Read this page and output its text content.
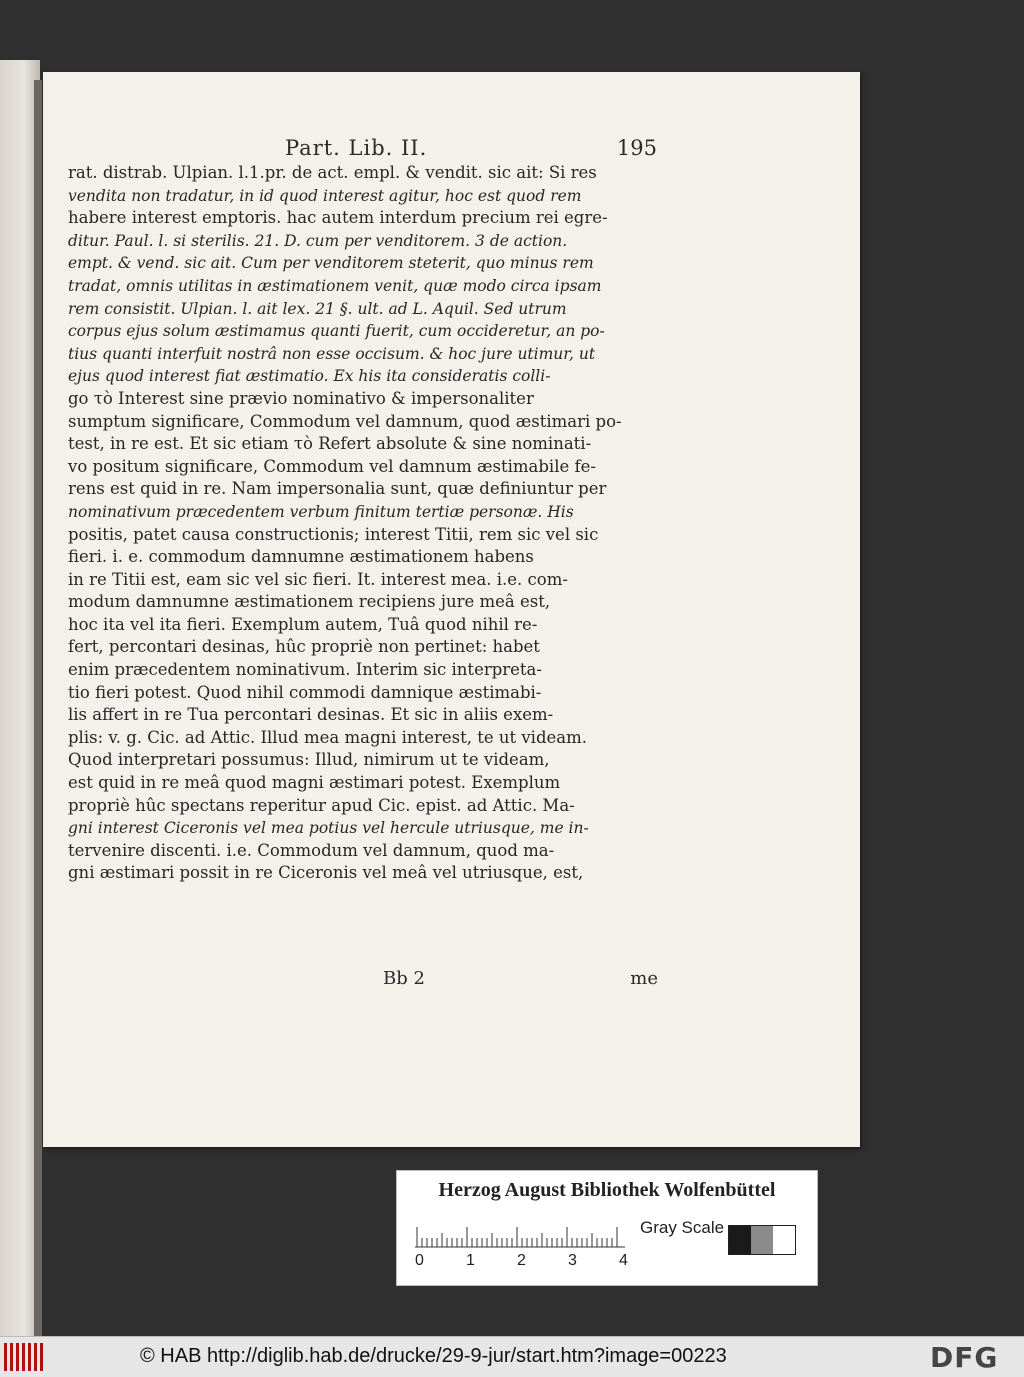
Part. Lib. II.	195
rat. distrab. Ulpian. l.1.pr. de act. empl. & vendit. sic ait: Si res
vendita non tradatur, in id quod interest agitur, hoc est quod rem
habere interest emptoris. hac autem interdum precium rei egre-
ditur. Paul. l. si sterilis. 21. D. cum per venditorem. 3 de action.
empt. & vend. sic ait. Cum per venditorem steterit, quo minus rem
tradat, omnis utilitas in æstimationem venit, quæ modo circa ipsam
rem consistit. Ulpian. l. ait lex. 21 §. ult. ad L. Aquil. Sed utrum
corpus ejus solum æstimamus quanti fuerit, cum occideretur, an po-
tius quanti interfuit nostrâ non esse occisum. & hoc jure utimur, ut
ejus quod interest fiat æstimatio. Ex his ita consideratis colli-
go τὸ Interest sine prævio nominativo & impersonaliter
sumptum significare, Commodum vel damnum, quod æstimari po-
test, in re est. Et sic etiam τὸ Refert absolute & sine nominati-
vo positum significare, Commodum vel damnum æstimabile fe-
rens est quid in re. Nam impersonalia sunt, quæ definiuntur per
nominativum præcedentem verbum finitum tertiæ personæ. His
positis, patet causa constructionis; interest Titii, rem sic vel sic
fieri. i. e. commodum damnumne æstimationem habens
in re Titii est, eam sic vel sic fieri. It. interest mea. i.e. com-
modum damnumne æstimationem recipiens jure meâ est,
hoc ita vel ita fieri. Exemplum autem, Tuâ quod nihil re-
fert, percontari desinas, hûc propriè non pertinet: habet
enim præcedentem nominativum. Interim sic interpreta-
tio fieri potest. Quod nihil commodi damnique æstimabi-
lis affert in re Tua percontari desinas. Et sic in aliis exem-
plis: v. g. Cic. ad Attic. Illud mea magni interest, te ut videam.
Quod interpretari possumus: Illud, nimirum ut te videam,
est quid in re meâ quod magni æstimari potest. Exemplum
propriè hûc spectans reperitur apud Cic. epist. ad Attic. Ma-
gni interest Ciceronis vel mea potius vel hercule utriusque, me in-
tervenire discenti. i.e. Commodum vel damnum, quod ma-
gni æstimari possit in re Ciceronis vel meâ vel utriusque, est,
Bb 2	me
Herzog August Bibliothek Wolfenbüttel
0	1	2	3	4
Gray Scale
© HAB http://diglib.hab.de/drucke/29-9-jur/start.htm?image=00223	DFG
